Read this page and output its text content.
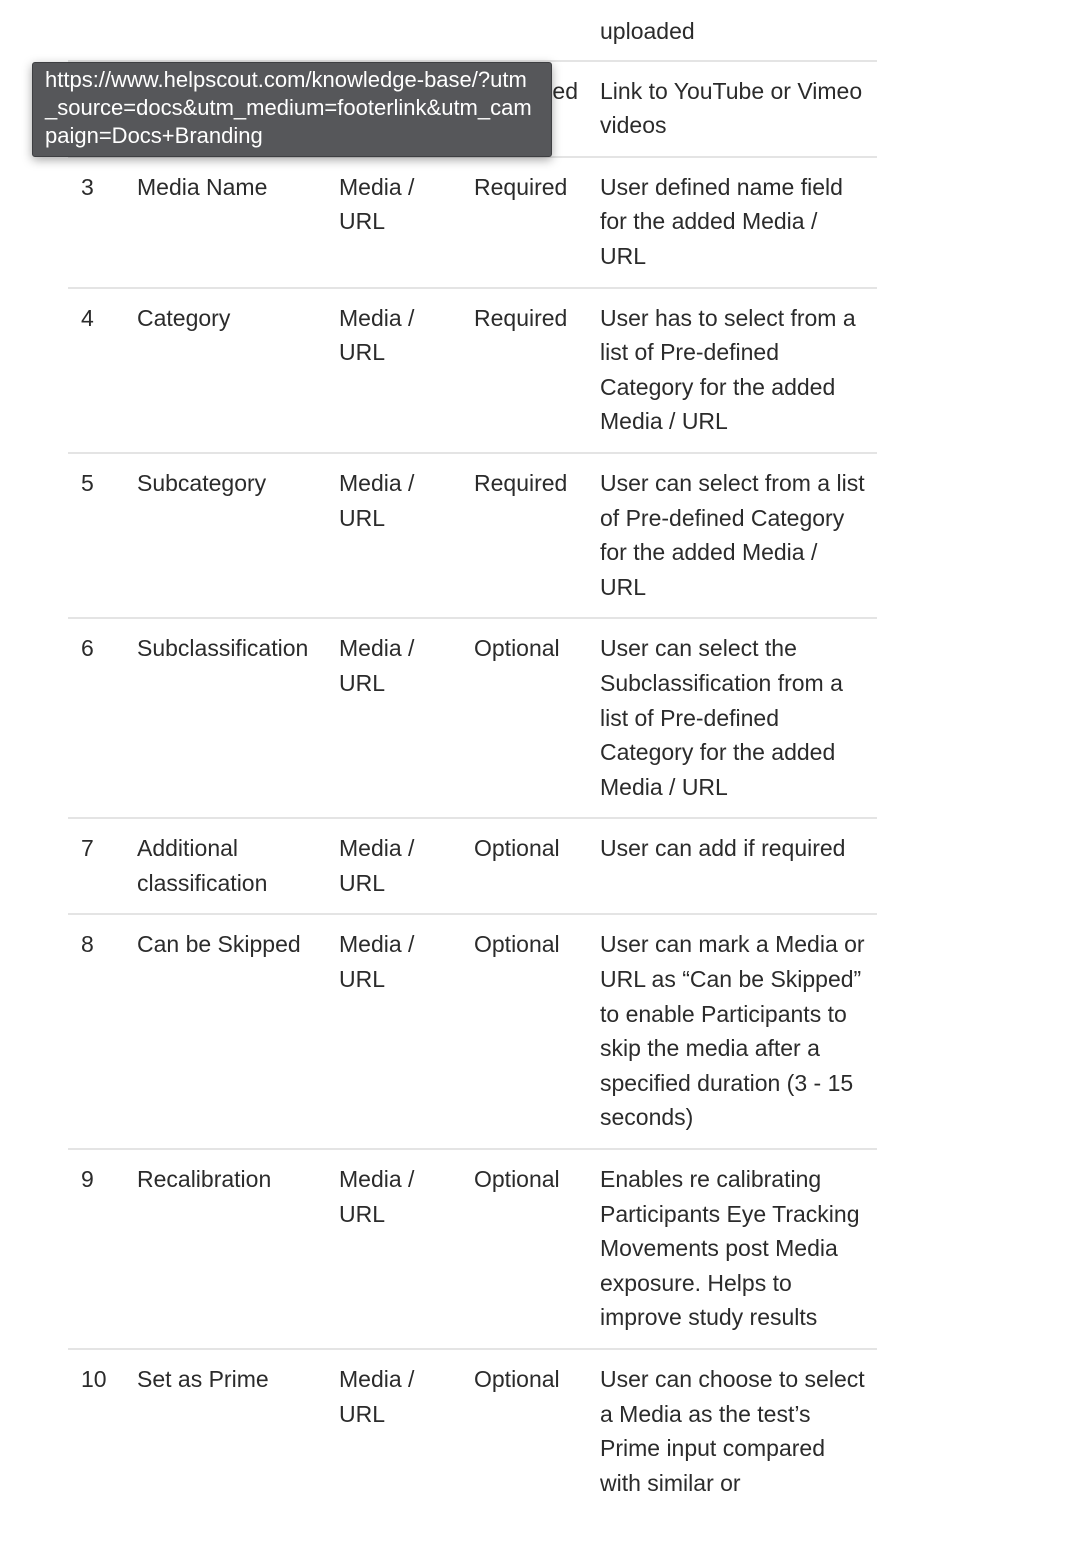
				uploaded
			ed	Link to YouTube or Vimeo videos
3	Media Name	Media / URL	Required	User defined name field for the added Media / URL
4	Category	Media / URL	Required	User has to select from a list of Pre-defined Category for the added Media / URL
5	Subcategory	Media / URL	Required	User can select from a list of Pre-defined Category for the added Media / URL
6	Subclassification	Media / URL	Optional	User can select the Subclassification from a list of Pre-defined Category for the added Media / URL
7	Additional classification	Media / URL	Optional	User can add if required
8	Can be Skipped	Media / URL	Optional	User can mark a Media or URL as “Can be Skipped” to enable Participants to skip the media after a specified duration (3 - 15 seconds)
9	Recalibration	Media / URL	Optional	Enables re calibrating Participants Eye Tracking Movements post Media exposure. Helps to improve study results
10	Set as Prime	Media / URL	Optional	User can choose to select a Media as the test’s Prime input compared with similar or
https://www.helpscout.com/knowledge-base/?utm_source=docs&utm_medium=footerlink&utm_campaign=Docs+Branding
